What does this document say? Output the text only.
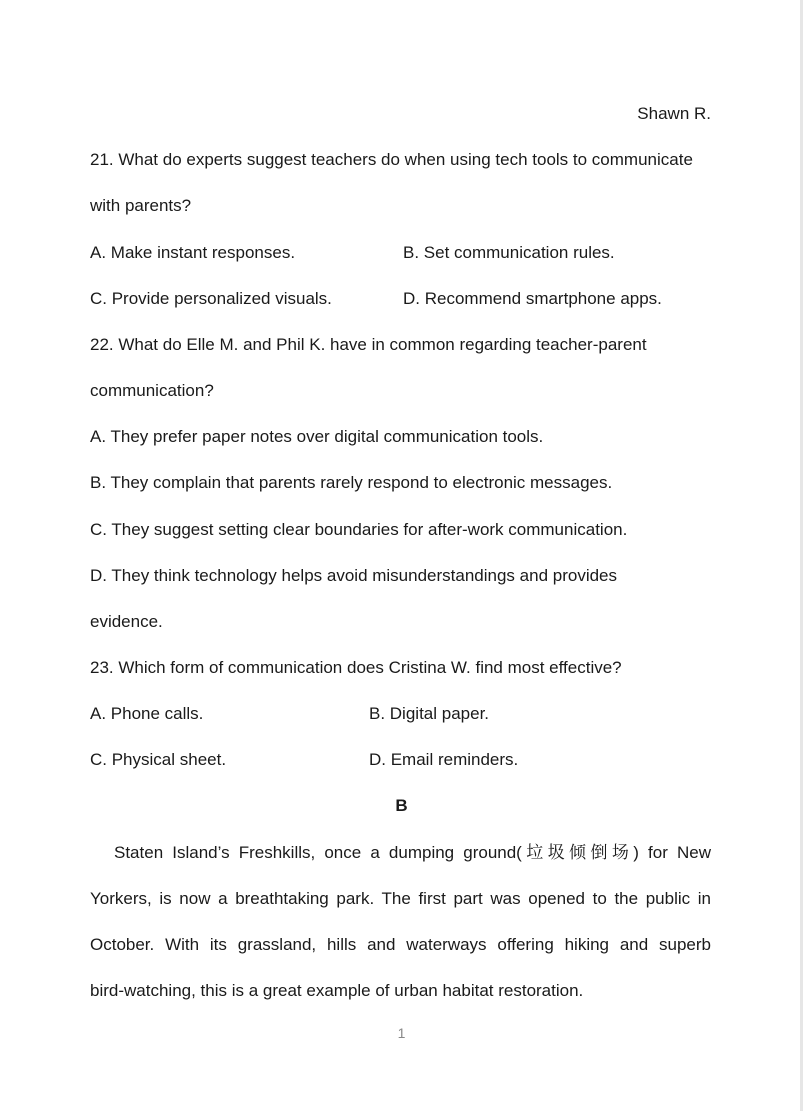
Shawn R.
21. What do experts suggest teachers do when using tech tools to communicate
with parents?
A. Make instant responses.	B. Set communication rules.
C. Provide personalized visuals.	D. Recommend smartphone apps.
22. What do Elle M. and Phil K. have in common regarding teacher-parent
communication?
A. They prefer paper notes over digital communication tools.
B. They complain that parents rarely respond to electronic messages.
C. They suggest setting clear boundaries for after-work communication.
D. They think technology helps avoid misunderstandings and provides
evidence.
23. Which form of communication does Cristina W. find most effective?
A. Phone calls.	B. Digital paper.
C. Physical sheet.	D. Email reminders.
B
Staten Island’s Freshkills, once a dumping ground(垃圾倾倒场) for New
Yorkers, is now a breathtaking park. The first part was opened to the public in
October. With its grassland, hills and waterways offering hiking and superb
bird-watching, this is a great example of urban habitat restoration.
1
